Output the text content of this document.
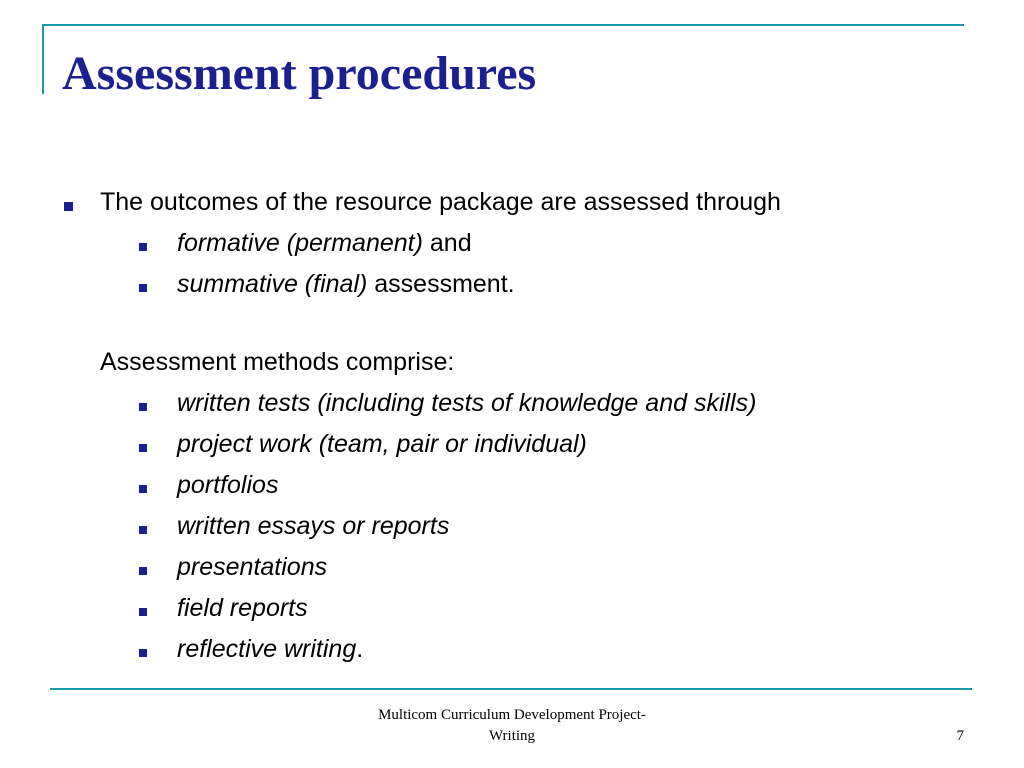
Assessment procedures
The outcomes of the resource package are assessed through
formative (permanent) and
summative (final) assessment.
Assessment methods comprise:
written tests (including tests of knowledge and skills)
project work (team, pair or individual)
portfolios
written essays or reports
presentations
field reports
reflective writing.
Multicom Curriculum Development Project-
Writing	7
